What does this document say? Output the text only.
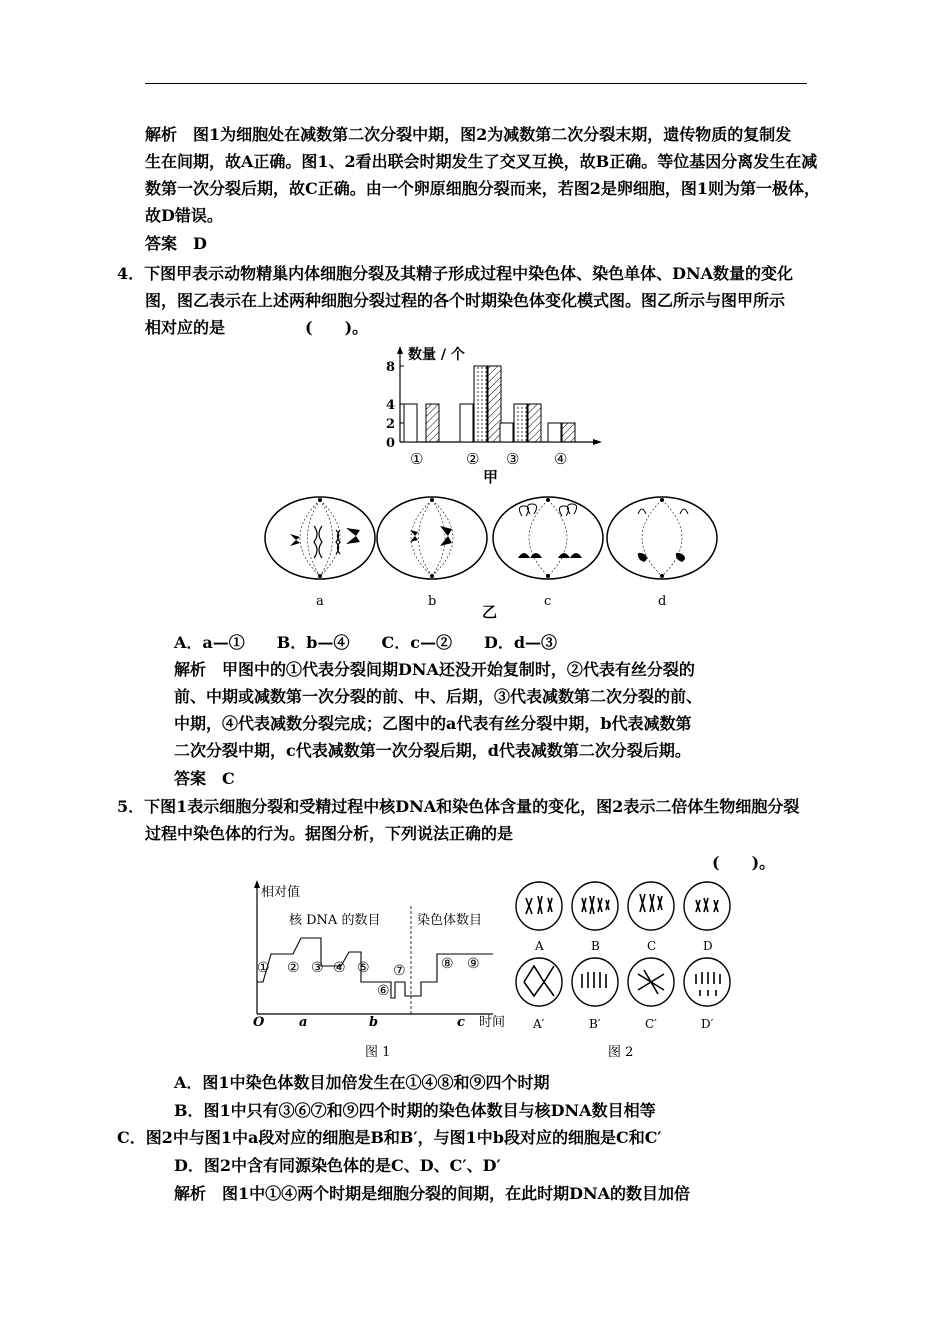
解析　图1为细胞处在减数第二次分裂中期，图2为减数第二次分裂末期，遗传物质的复制发
生在间期，故A正确。图1、2看出联会时期发生了交叉互换，故B正确。等位基因分离发生在减
数第一次分裂后期，故C正确。由一个卵原细胞分裂而来，若图2是卵细胞，图1则为第一极体，
故D错误。
答案　D
4．下图甲表示动物精巢内体细胞分裂及其精子形成过程中染色体、染色单体、DNA数量的变化
图，图乙表示在上述两种细胞分裂过程的各个时期染色体变化模式图。图乙所示与图甲所示
相对应的是　　　　　(　　)。
数量 / 个
8
4
2
0
①	② ③ ④
甲
a	b	c	d
乙
A．a—①　　B．b—④　　C．c—②　　D．d—③
解析　甲图中的①代表分裂间期DNA还没开始复制时，②代表有丝分裂的
前、中期或减数第一次分裂的前、中、后期，③代表减数第二次分裂的前、
中期，④代表减数分裂完成；乙图中的a代表有丝分裂中期，b代表减数第
二次分裂中期，c代表减数第一次分裂后期，d代表减数第二次分裂后期。
答案　C
5．下图1表示细胞分裂和受精过程中核DNA和染色体含量的变化，图2表示二倍体生物细胞分裂
过程中染色体的行为。据图分析，下列说法正确的是
(　　)。
相对值
核 DNA 的数目	染色体数目
① ② ③ ④ ⑤
⑥
⑦	⑧ ⑨
O	a	b	c 时间
图 1
A	B	C	D
A′	B′	C′	D′
图 2
A．图1中染色体数目加倍发生在①④⑧和⑨四个时期
B．图1中只有③⑥⑦和⑨四个时期的染色体数目与核DNA数目相等
C．图2中与图1中a段对应的细胞是B和B′，与图1中b段对应的细胞是C和C′
D．图2中含有同源染色体的是C、D、C′、D′
解析　图1中①④两个时期是细胞分裂的间期，在此时期DNA的数目加倍
